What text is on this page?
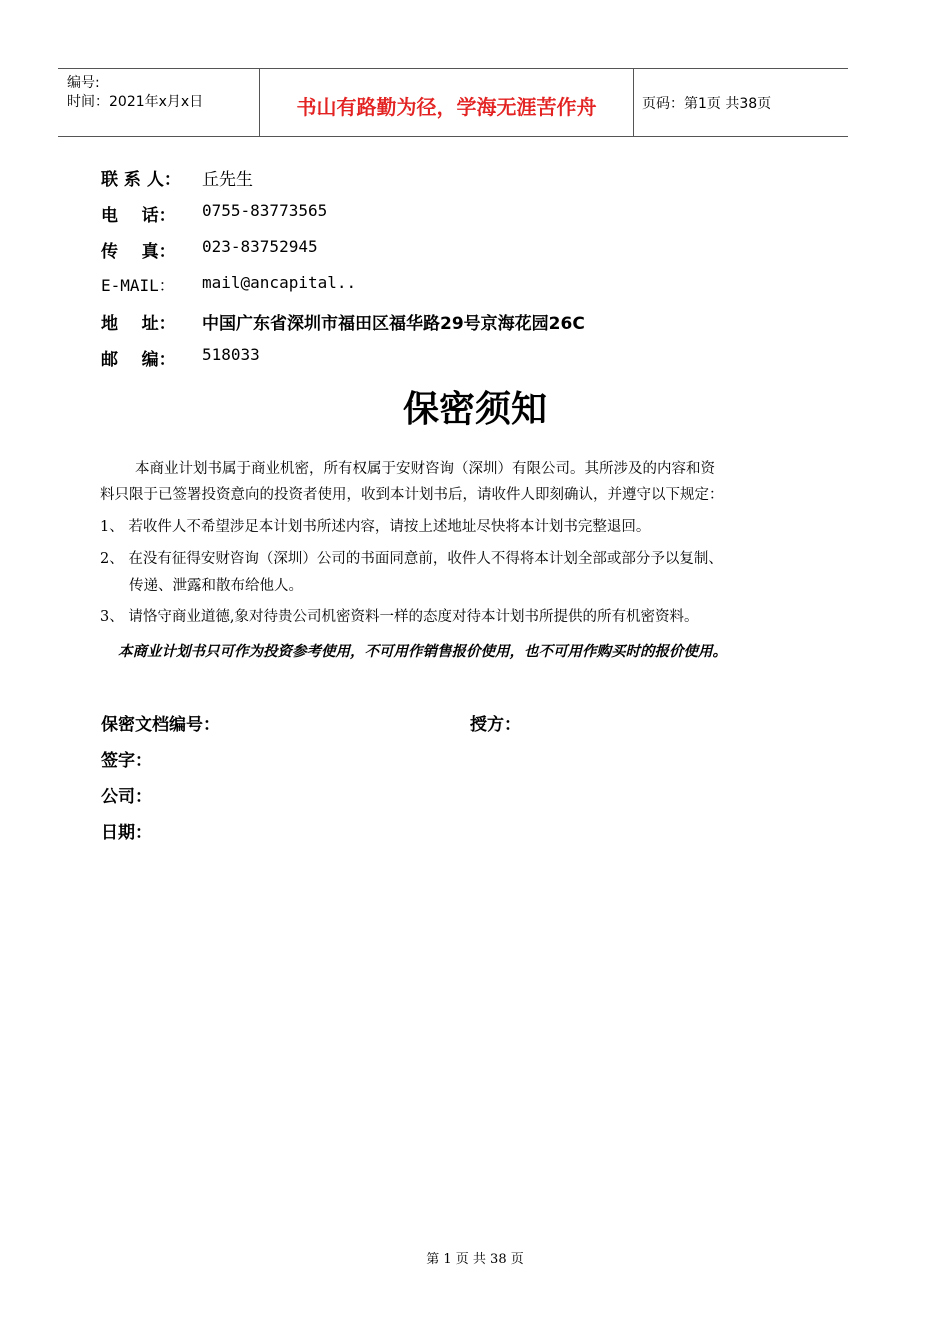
编号:
时间：2021年x月x日	书山有路勤为径，学海无涯苦作舟	页码：第1页 共38页
联 系 人： 丘先生
电    话： 0755-83773565
传    真： 023-83752945
E-MAIL： mail@ancapital..
地    址： 中国广东省深圳市福田区福华路29号京海花园26C
邮    编： 518033
保密须知
本商业计划书属于商业机密，所有权属于安财咨询（深圳）有限公司。其所涉及的内容和资
料只限于已签署投资意向的投资者使用，收到本计划书后，请收件人即刻确认，并遵守以下规定：
1、 若收件人不希望涉足本计划书所述内容，请按上述地址尽快将本计划书完整退回。
2、 在没有征得安财咨询（深圳）公司的书面同意前，收件人不得将本计划全部或部分予以复制、
传递、泄露和散布给他人。
3、 请恪守商业道德,象对待贵公司机密资料一样的态度对待本计划书所提供的所有机密资料。
本商业计划书只可作为投资参考使用，不可用作销售报价使用，也不可用作购买时的报价使用。
保密文档编号：	授方：
签字：
公司：
日期：
第 1 页 共 38 页
